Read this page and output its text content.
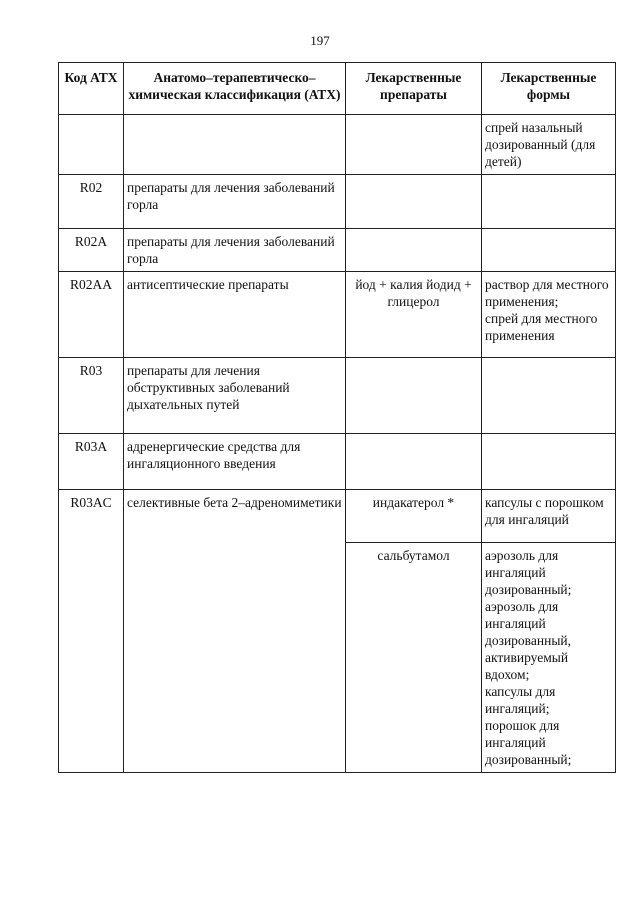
197
Код АТХ	Анатомо–терапевтическо–химическая классификация (АТХ)	Лекарственные препараты	Лекарственные формы

			спрей назальный дозированный (для детей)

R02	препараты для лечения заболеваний горла		
R02A	препараты для лечения заболеваний горла		
R02AA	антисептические препараты	йод + калия йодид + глицерол	раствор для местного применения;
спрей для местного применения

R03	препараты для лечения обструктивных заболеваний дыхательных путей		
R03A	адренергические средства для ингаляционного введения		
R03AC	селективные бета 2–адреномиметики	индакатерол *	капсулы с порошком для ингаляций

		сальбутамол	аэрозоль для ингаляций дозированный;
аэрозоль для ингаляций дозированный, активируемый вдохом;
капсулы для ингаляций;
порошок для ингаляций дозированный;
